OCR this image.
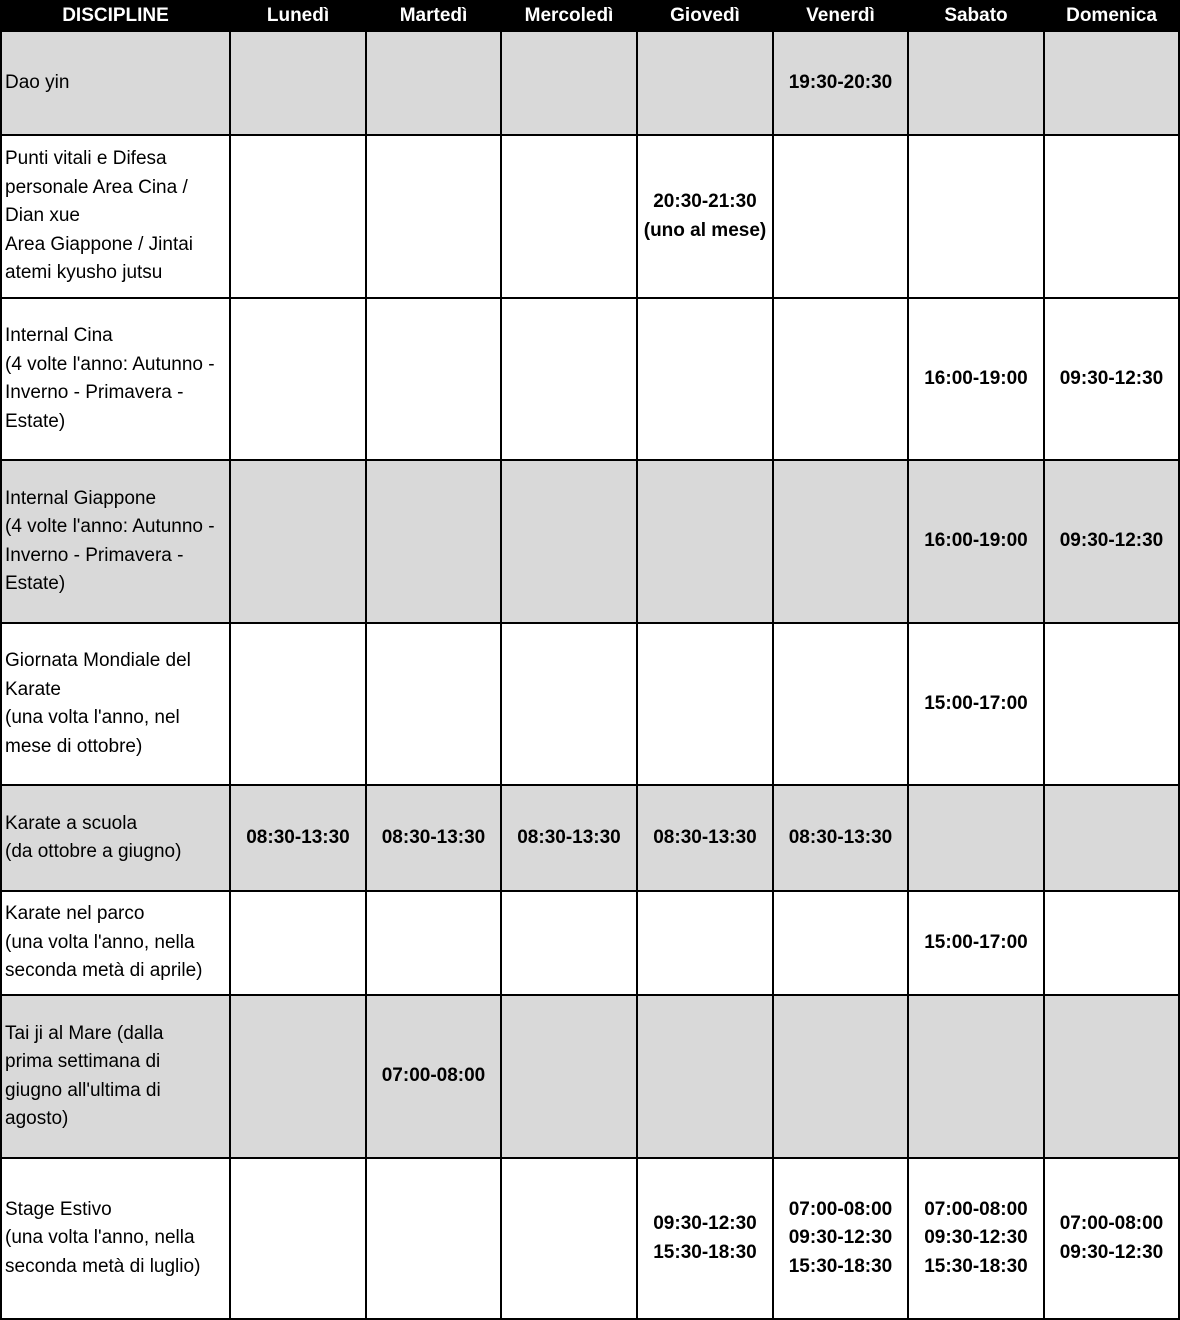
DISCIPLINE	Lunedì	Martedì	Mercoledì	Giovedì	Venerdì	Sabato	Domenica
Dao yin					19:30-20:30		
Punti vitali e Difesa
personale Area Cina /
Dian xue
Area Giappone / Jintai
atemi kyusho jutsu				20:30-21:30
(uno al mese)			
Internal Cina
(4 volte l'anno: Autunno -
Inverno - Primavera -
Estate)						16:00-19:00	09:30-12:30
Internal Giappone
(4 volte l'anno: Autunno -
Inverno - Primavera -
Estate)						16:00-19:00	09:30-12:30
Giornata Mondiale del
Karate
(una volta l'anno, nel
mese di ottobre)						15:00-17:00	
Karate a scuola
(da ottobre a giugno)	08:30-13:30	08:30-13:30	08:30-13:30	08:30-13:30	08:30-13:30		
Karate nel parco
(una volta l'anno, nella
seconda metà di aprile)						15:00-17:00	
Tai ji al Mare (dalla
prima settimana di
giugno all'ultima di
agosto)		07:00-08:00					
Stage Estivo
(una volta l'anno, nella
seconda metà di luglio)				09:30-12:30
15:30-18:30	07:00-08:00
09:30-12:30
15:30-18:30	07:00-08:00
09:30-12:30
15:30-18:30	07:00-08:00
09:30-12:30
